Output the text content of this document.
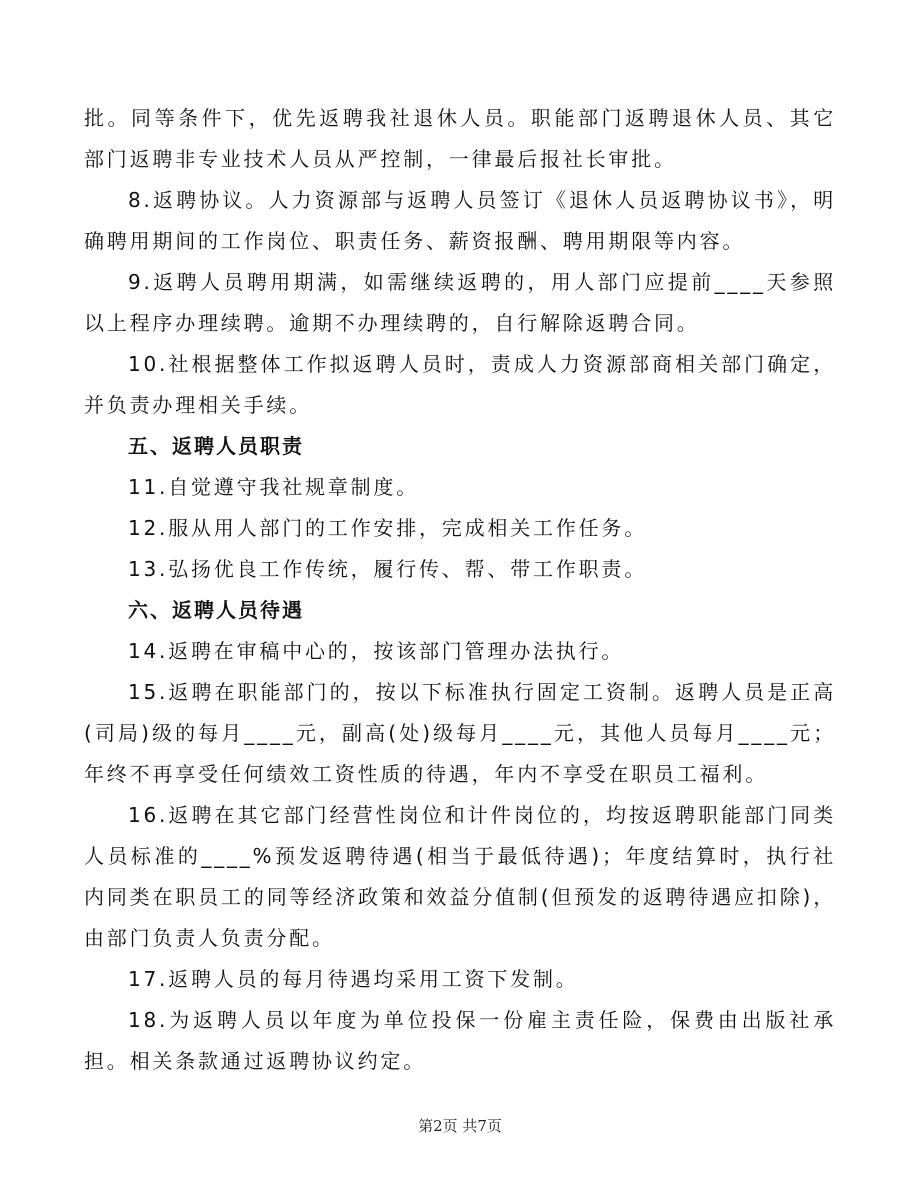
批。同等条件下，优先返聘我社退休人员。职能部门返聘退休人员、其它部门返聘非专业技术人员从严控制，一律最后报社长审批。
8.返聘协议。人力资源部与返聘人员签订《退休人员返聘协议书》，明确聘用期间的工作岗位、职责任务、薪资报酬、聘用期限等内容。
9.返聘人员聘用期满，如需继续返聘的，用人部门应提前____天参照以上程序办理续聘。逾期不办理续聘的，自行解除返聘合同。
10.社根据整体工作拟返聘人员时，责成人力资源部商相关部门确定，并负责办理相关手续。
五、返聘人员职责
11.自觉遵守我社规章制度。
12.服从用人部门的工作安排，完成相关工作任务。
13.弘扬优良工作传统，履行传、帮、带工作职责。
六、返聘人员待遇
14.返聘在审稿中心的，按该部门管理办法执行。
15.返聘在职能部门的，按以下标准执行固定工资制。返聘人员是正高(司局)级的每月____元，副高(处)级每月____元，其他人员每月____元；年终不再享受任何绩效工资性质的待遇，年内不享受在职员工福利。
16.返聘在其它部门经营性岗位和计件岗位的，均按返聘职能部门同类人员标准的____%预发返聘待遇(相当于最低待遇)；年度结算时，执行社内同类在职员工的同等经济政策和效益分值制(但预发的返聘待遇应扣除)，由部门负责人负责分配。
17.返聘人员的每月待遇均采用工资下发制。
18.为返聘人员以年度为单位投保一份雇主责任险，保费由出版社承担。相关条款通过返聘协议约定。
第2页 共7页
